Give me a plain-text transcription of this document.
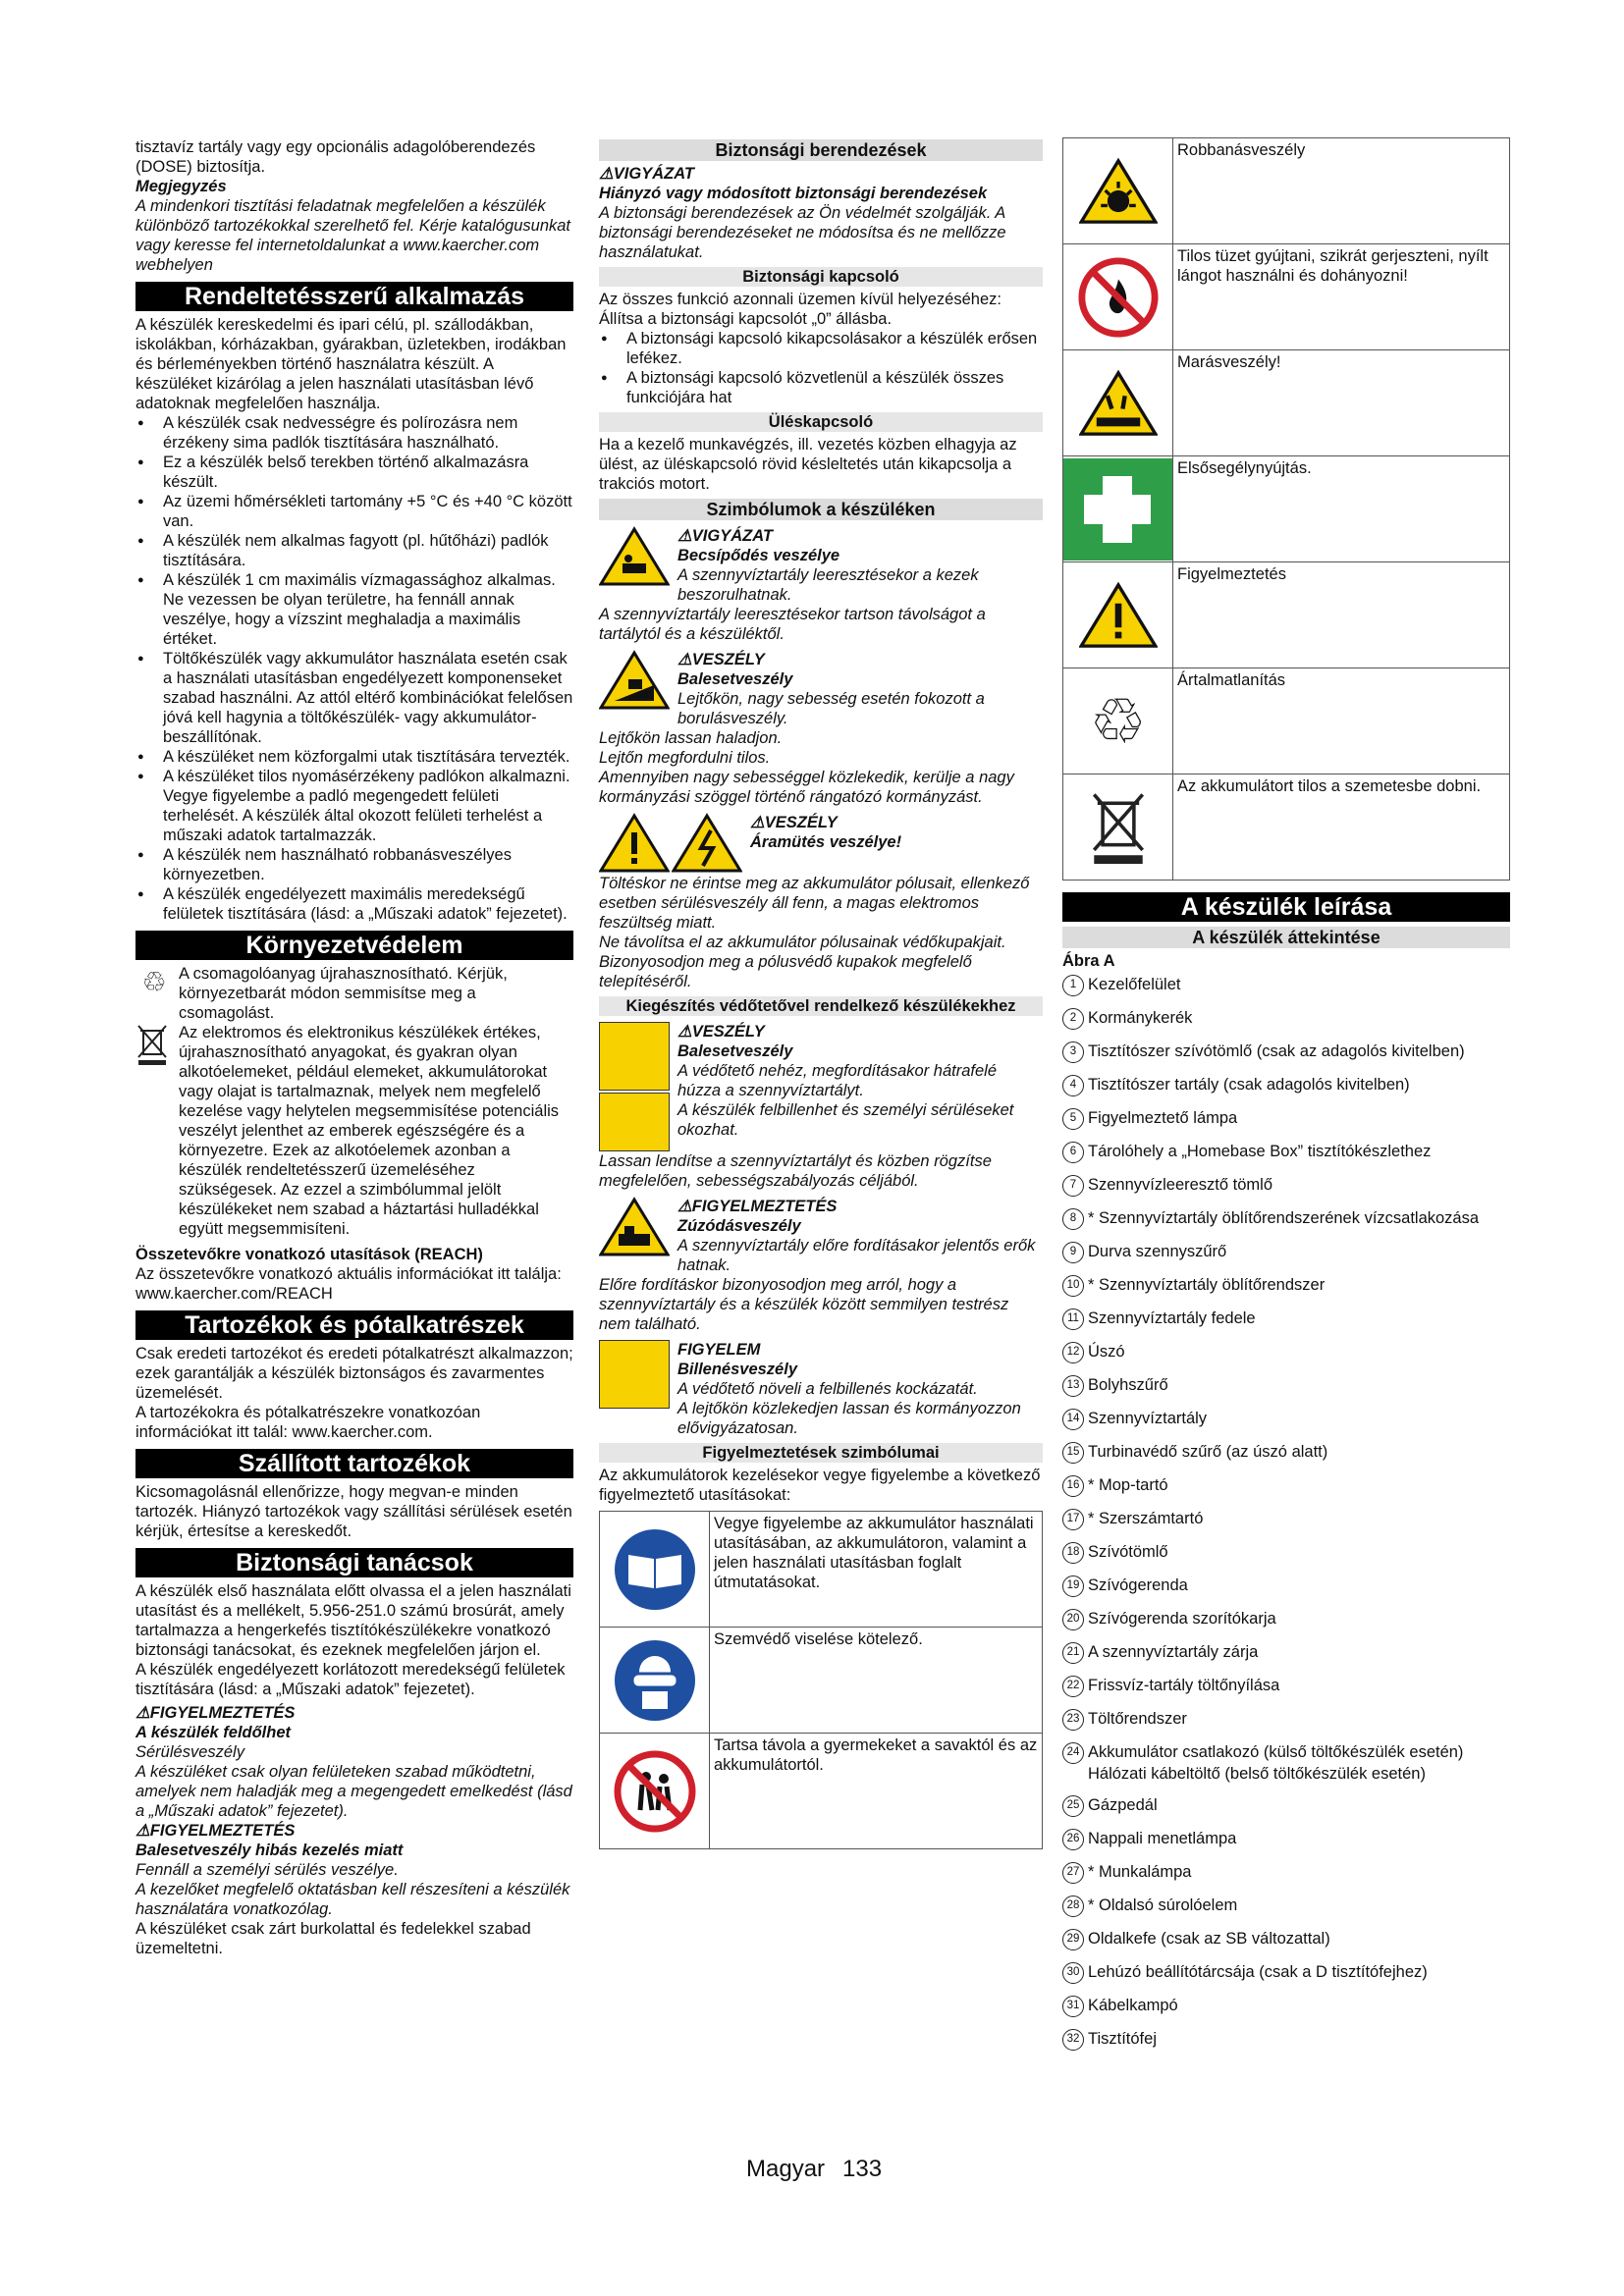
tisztavíz tartály vagy egy opcionális adagolóberendezés (DOSE) biztosítja.

Megjegyzés

A mindenkori tisztítási feladatnak megfelelően a készülék különböző tartozékokkal szerelhető fel. Kérje katalógusunkat vagy keresse fel internetoldalunkat a www.kaercher.com webhelyen

Rendeltetésszerű alkalmazás

A készülék kereskedelmi és ipari célú, pl. szállodákban, iskolákban, kórházakban, gyárakban, üzletekben, irodákban és bérleményekben történő használatra készült. A készüléket kizárólag a jelen használati utasításban lévő adatoknak megfelelően használja.

● A készülék csak nedvességre és polírozásra nem érzékeny sima padlók tisztítására használható.
● Ez a készülék belső terekben történő alkalmazásra készült.
● Az üzemi hőmérsékleti tartomány +5 °C és +40 °C között van.
● A készülék nem alkalmas fagyott (pl. hűtőházi) padlók tisztítására.
● A készülék 1 cm maximális vízmagassághoz alkalmas. Ne vezessen be olyan területre, ha fennáll annak veszélye, hogy a vízszint meghaladja a maximális értéket.
● Töltőkészülék vagy akkumulátor használata esetén csak a használati utasításban engedélyezett komponenseket szabad használni. Az attól eltérő kombinációkat felelősen jóvá kell hagynia a töltőkészülék- vagy akkumulátor-beszállítónak.
● A készüléket nem közforgalmi utak tisztítására tervezték.
● A készüléket tilos nyomásérzékeny padlókon alkalmazni. Vegye figyelembe a padló megengedett felületi terhelését. A készülék által okozott felületi terhelést a műszaki adatok tartalmazzák.
● A készülék nem használható robbanásveszélyes környezetben.
● A készülék engedélyezett maximális meredekségű felületek tisztítására (lásd: a „Műszaki adatok” fejezetet).
Környezetvédelem
♲ A csomagolóanyag újrahasznosítható. Kérjük, környezetbarát módon semmisítse meg a csomagolást.

Az elektromos és elektronikus készülékek értékes, újrahasznosítható anyagokat, és gyakran olyan alkotóelemeket, például elemeket, akkumulátorokat vagy olajat is tartalmaznak, melyek nem megfelelő kezelése vagy helytelen megsemmisítése potenciális veszélyt jelenthet az emberek egészségére és a környezetre. Ezek az alkotóelemek azonban a készülék rendeltetésszerű üzemeléséhez szükségesek. Az ezzel a szimbólummal jelölt készülékeket nem szabad a háztartási hulladékkal együtt megsemmisíteni.

Összetevőkre vonatkozó utasítások (REACH)

Az összetevőkre vonatkozó aktuális információkat itt találja: www.kaercher.com/REACH

Tartozékok és pótalkatrészek

Csak eredeti tartozékot és eredeti pótalkatrészt alkalmazzon; ezek garantálják a készülék biztonságos és zavarmentes üzemelését.

A tartozékokra és pótalkatrészekre vonatkozóan információkat itt talál: www.kaercher.com.

Szállított tartozékok

Kicsomagolásnál ellenőrizze, hogy megvan-e minden tartozék. Hiányzó tartozékok vagy szállítási sérülések esetén kérjük, értesítse a kereskedőt.

Biztonsági tanácsok

A készülék első használata előtt olvassa el a jelen használati utasítást és a mellékelt, 5.956-251.0 számú brosúrát, amely tartalmazza a hengerkefés tisztítókészülékekre vonatkozó biztonsági tanácsokat, és ezeknek megfelelően járjon el.

A készülék engedélyezett korlátozott meredekségű felületek tisztítására (lásd: a „Műszaki adatok” fejezetet).

⚠FIGYELMEZTETÉS

A készülék feldőlhet

Sérülésveszély

A készüléket csak olyan felületeken szabad működtetni, amelyek nem haladják meg a megengedett emelkedést (lásd a „Műszaki adatok” fejezetet).

⚠FIGYELMEZTETÉS

Balesetveszély hibás kezelés miatt

Fennáll a személyi sérülés veszélye.

A kezelőket megfelelő oktatásban kell részesíteni a készülék használatára vonatkozólag.

A készüléket csak zárt burkolattal és fedelekkel szabad üzemeltetni.

Biztonsági berendezések

⚠VIGYÁZAT

Hiányzó vagy módosított biztonsági berendezések

A biztonsági berendezések az Ön védelmét szolgálják. A biztonsági berendezéseket ne módosítsa és ne mellőzze használatukat.

Biztonsági kapcsoló

Az összes funkció azonnali üzemen kívül helyezéséhez: Állítsa a biztonsági kapcsolót „0” állásba.

● A biztonsági kapcsoló kikapcsolásakor a készülék erősen lefékez.
● A biztonsági kapcsoló közvetlenül a készülék összes funkciójára hat
Üléskapcsoló

Ha a kezelő munkavégzés, ill. vezetés közben elhagyja az ülést, az üléskapcsoló rövid késleltetés után kikapcsolja a trakciós motort.

Szimbólumok a készüléken

⚠VIGYÁZAT

Becsípődés veszélye

A szennyvíztartály leeresztésekor a kezek beszorulhatnak.

A szennyvíztartály leeresztésekor tartson távolságot a tartálytól és a készüléktől.

⚠VESZÉLY

Balesetveszély

Lejtőkön, nagy sebesség esetén fokozott a borulásveszély.

Lejtőkön lassan haladjon.

Lejtőn megfordulni tilos.

Amennyiben nagy sebességgel közlekedik, kerülje a nagy kormányzási szöggel történő rángatózó kormányzást.

⚠VESZÉLY

Áramütés veszélye!

Töltéskor ne érintse meg az akkumulátor pólusait, ellenkező esetben sérülésveszély áll fenn, a magas elektromos feszültség miatt.

Ne távolítsa el az akkumulátor pólusainak védőkupakjait.

Bizonyosodjon meg a pólusvédő kupakok megfelelő telepítéséről.

Kiegészítés védőtetővel rendelkező készülékekhez

⚠VESZÉLY

Balesetveszély

A védőtető nehéz, megfordításakor hátrafelé húzza a szennyvíztartályt.

A készülék felbillenhet és személyi sérüléseket okozhat.

Lassan lendítse a szennyvíztartályt és közben rögzítse megfelelően, sebességszabályozás céljából.

⚠FIGYELMEZTETÉS

Zúzódásveszély

A szennyvíztartály előre fordításakor jelentős erők hatnak.

Előre fordításkor bizonyosodjon meg arról, hogy a szennyvíztartály és a készülék között semmilyen testrész nem található.

FIGYELEM

Billenésveszély

A védőtető növeli a felbillenés kockázatát.

A lejtőkön közlekedjen lassan és kormányozzon elővigyázatosan.

Figyelmeztetések szimbólumai

Az akkumulátorok kezelésekor vegye figyelembe a következő figyelmeztető utasításokat:

	Vegye figyelembe az akkumulátor használati utasításában, az akkumulátoron, valamint a jelen használati utasításban foglalt útmutatásokat.

	Szemvédő viselése kötelező.

	Tartsa távola a gyermekeket a savaktól és az akkumulátortól.
	Robbanásveszély

	Tilos tüzet gyújtani, szikrát gerjeszteni, nyílt lángot használni és dohányozni!

	Marásveszély!

	Elsősegélynyújtás.

	Figyelmeztetés
♲	Ártalmatlanítás

	Az akkumulátort tilos a szemetesbe dobni.
A készülék leírása
A készülék áttekintése

Ábra A

1 Kezelőfelület
2 Kormánykerék
3 Tisztítószer szívótömlő (csak az adagolós kivitelben)
4 Tisztítószer tartály (csak adagolós kivitelben)
5 Figyelmeztető lámpa
6 Tárolóhely a „Homebase Box” tisztítókészlethez
7 Szennyvízleeresztő tömlő
8 * Szennyvíztartály öblítőrendszerének vízcsatlakozása
9 Durva szennyszűrő
10 * Szennyvíztartály öblítőrendszer
11 Szennyvíztartály fedele
12 Úszó
13 Bolyhszűrő
14 Szennyvíztartály
15 Turbinavédő szűrő (az úszó alatt)
16 * Mop-tartó
17 * Szerszámtartó
18 Szívótömlő
19 Szívógerenda
20 Szívógerenda szorítókarja
21 A szennyvíztartály zárja
22 Frissvíz-tartály töltőnyílása
23 Töltőrendszer
24 Akkumulátor csatlakozó (külső töltőkészülék esetén)
Hálózati kábeltöltő (belső töltőkészülék esetén)
25 Gázpedál
26 Nappali menetlámpa
27 * Munkalámpa
28 * Oldalsó súrolóelem
29 Oldalkefe (csak az SB változattal)
30 Lehúzó beállítótárcsája (csak a D tisztítófejhez)
31 Kábelkampó
32 Tisztítófej
Magyar 133
